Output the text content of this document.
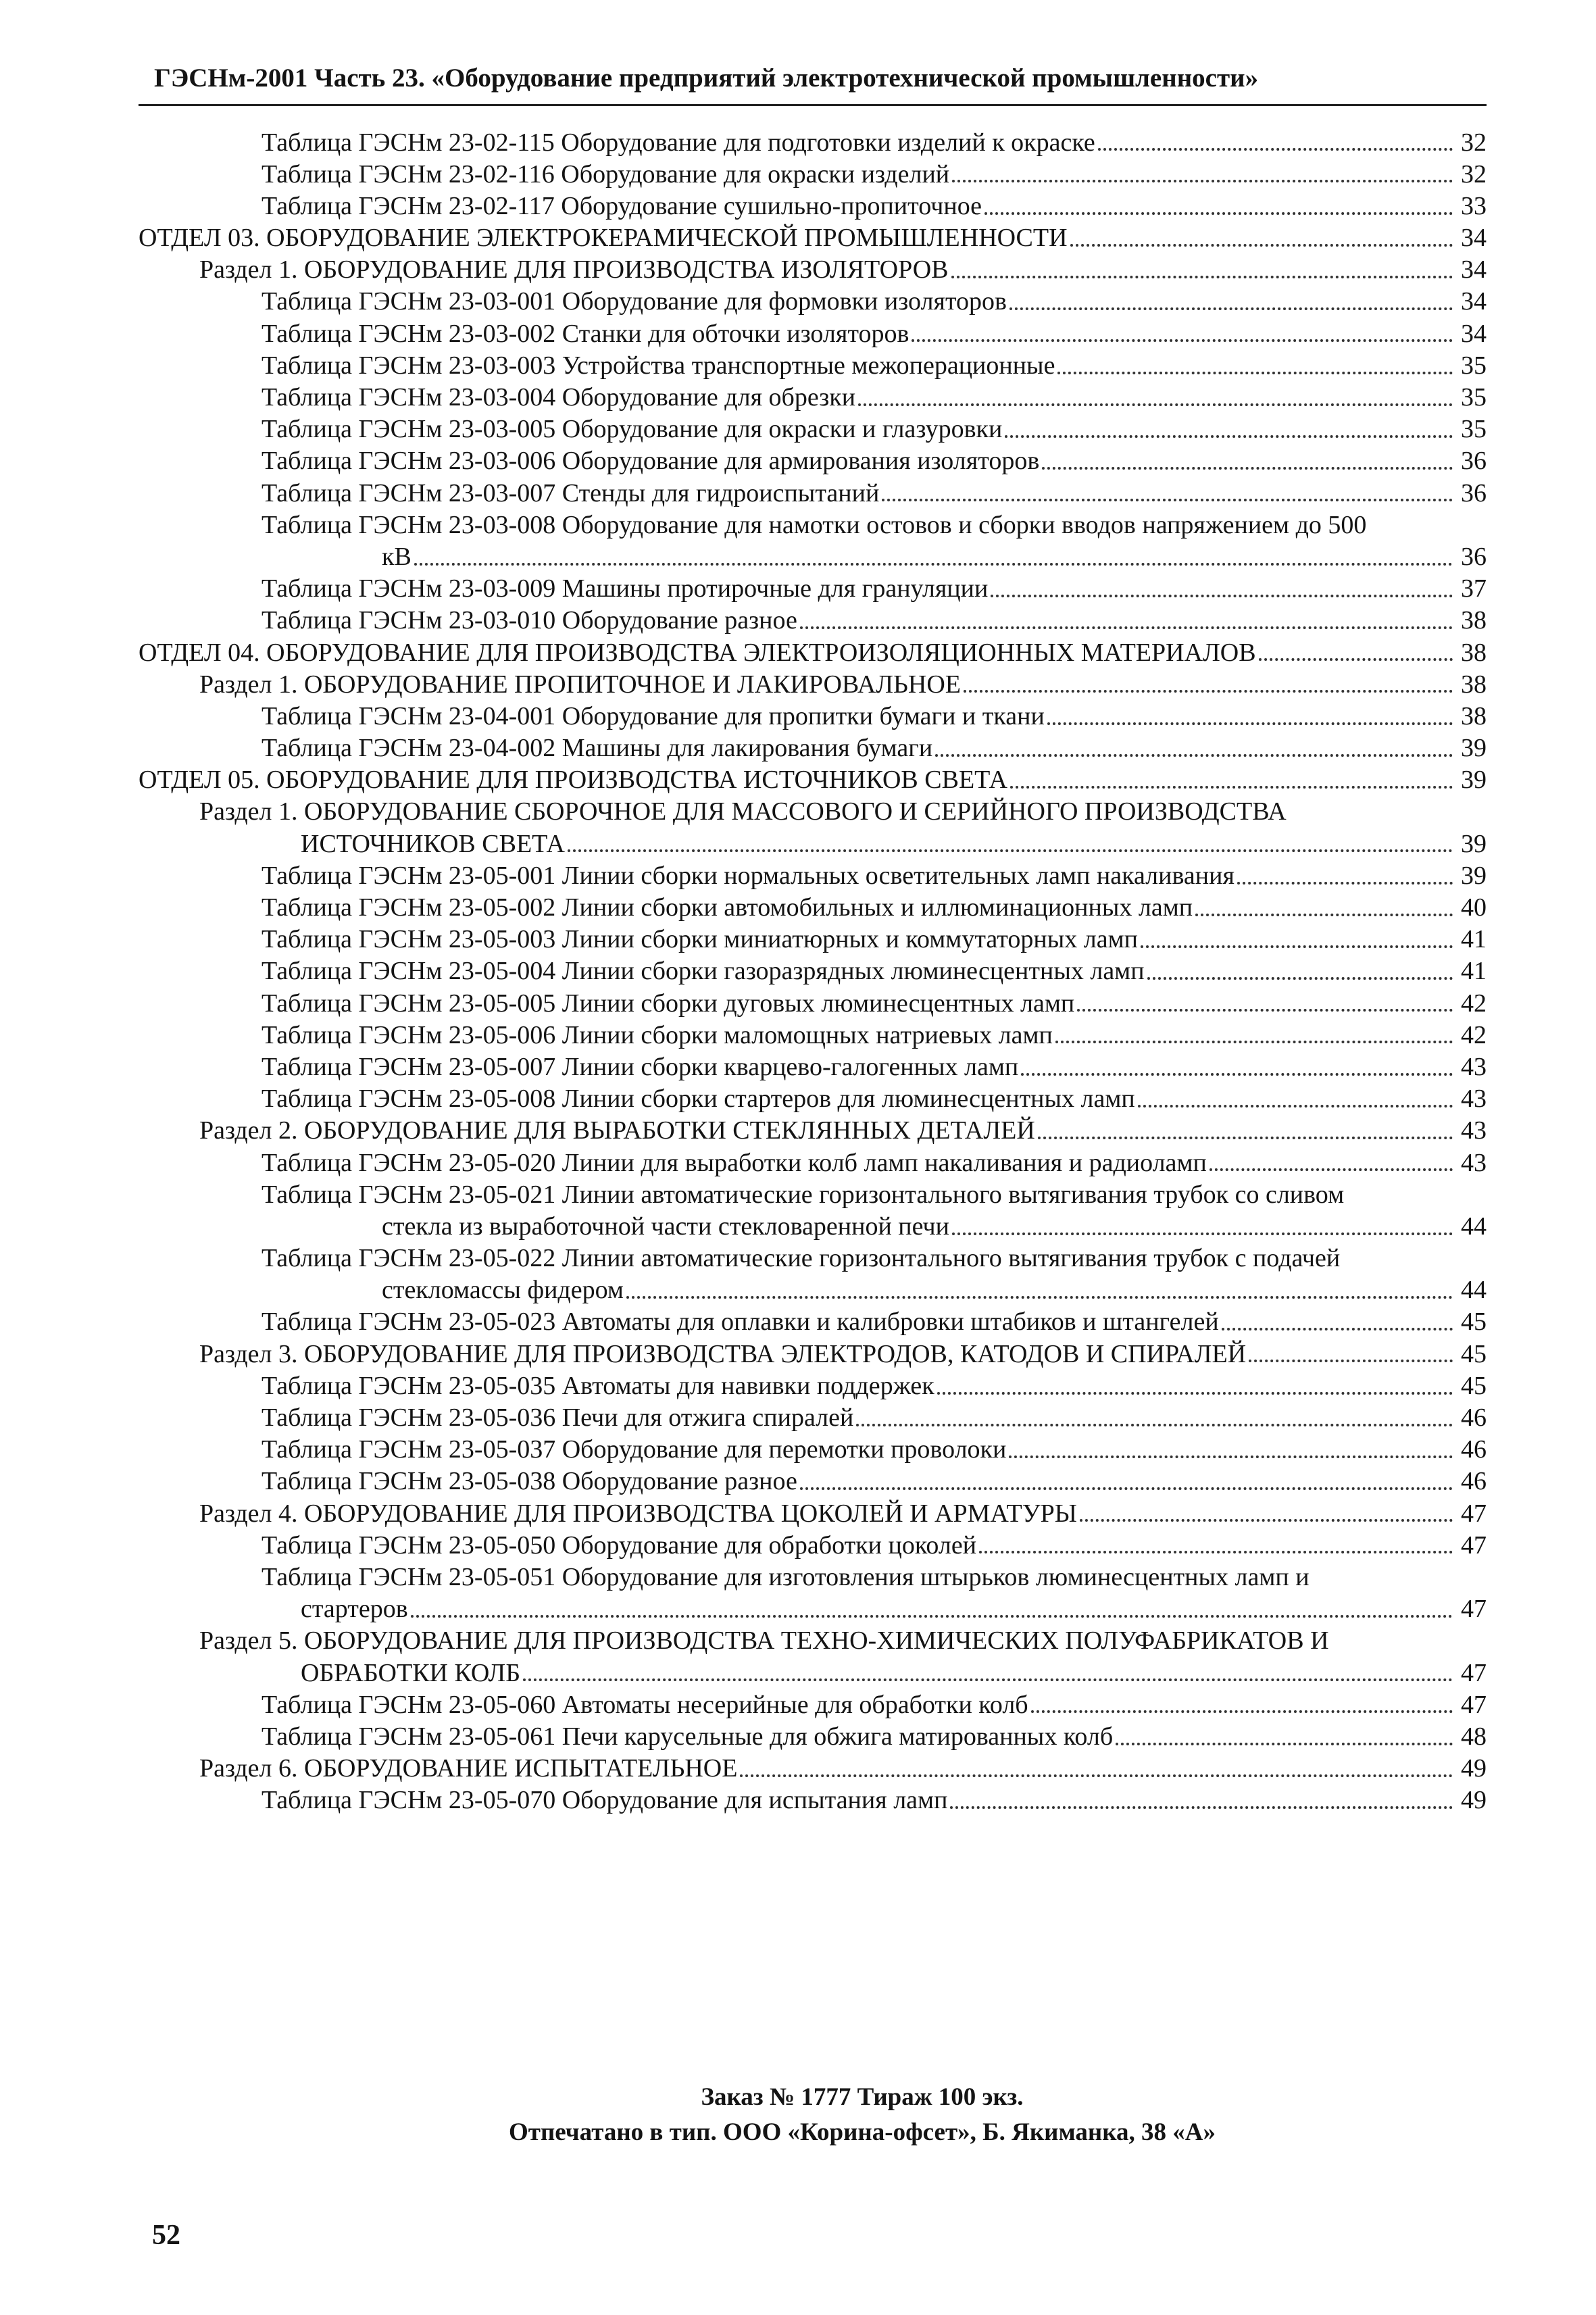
ГЭСНм-2001 Часть 23. «Оборудование предприятий электротехнической промышленности»
Таблица ГЭСНм 23-02-115 Оборудование для подготовки изделий к окраске	32
Таблица ГЭСНм 23-02-116 Оборудование для окраски изделий	32
Таблица ГЭСНм 23-02-117 Оборудование сушильно-пропиточное	33
ОТДЕЛ 03. ОБОРУДОВАНИЕ ЭЛЕКТРОКЕРАМИЧЕСКОЙ ПРОМЫШЛЕННОСТИ	34
Раздел 1. ОБОРУДОВАНИЕ ДЛЯ ПРОИЗВОДСТВА ИЗОЛЯТОРОВ	34
Таблица ГЭСНм 23-03-001 Оборудование для формовки изоляторов	34
Таблица ГЭСНм 23-03-002 Станки для обточки изоляторов	34
Таблица ГЭСНм 23-03-003 Устройства транспортные межоперационные	35
Таблица ГЭСНм 23-03-004 Оборудование для обрезки	35
Таблица ГЭСНм 23-03-005 Оборудование для окраски и глазуровки	35
Таблица ГЭСНм 23-03-006 Оборудование для армирования изоляторов	36
Таблица ГЭСНм 23-03-007 Стенды для гидроиспытаний	36
Таблица ГЭСНм 23-03-008 Оборудование для намотки остовов и сборки вводов напряжением до 500
кВ	36
Таблица ГЭСНм 23-03-009 Машины протирочные для грануляции	37
Таблица ГЭСНм 23-03-010 Оборудование разное	38
ОТДЕЛ 04. ОБОРУДОВАНИЕ ДЛЯ ПРОИЗВОДСТВА ЭЛЕКТРОИЗОЛЯЦИОННЫХ МАТЕРИАЛОВ	38
Раздел 1. ОБОРУДОВАНИЕ ПРОПИТОЧНОЕ И ЛАКИРОВАЛЬНОЕ	38
Таблица ГЭСНм 23-04-001 Оборудование для пропитки бумаги и ткани	38
Таблица ГЭСНм 23-04-002 Машины для лакирования бумаги	39
ОТДЕЛ 05. ОБОРУДОВАНИЕ ДЛЯ ПРОИЗВОДСТВА ИСТОЧНИКОВ СВЕТА	39
Раздел 1. ОБОРУДОВАНИЕ СБОРОЧНОЕ ДЛЯ МАССОВОГО И СЕРИЙНОГО ПРОИЗВОДСТВА
ИСТОЧНИКОВ СВЕТА	39
Таблица ГЭСНм 23-05-001 Линии сборки нормальных осветительных ламп накаливания	39
Таблица ГЭСНм 23-05-002 Линии сборки автомобильных и иллюминационных ламп	40
Таблица ГЭСНм 23-05-003 Линии сборки миниатюрных и коммутаторных ламп	41
Таблица ГЭСНм 23-05-004 Линии сборки газоразрядных люминесцентных ламп	41
Таблица ГЭСНм 23-05-005 Линии сборки дуговых люминесцентных ламп	42
Таблица ГЭСНм 23-05-006 Линии сборки маломощных натриевых ламп	42
Таблица ГЭСНм 23-05-007 Линии сборки кварцево-галогенных ламп	43
Таблица ГЭСНм 23-05-008 Линии сборки стартеров для люминесцентных ламп	43
Раздел 2. ОБОРУДОВАНИЕ ДЛЯ ВЫРАБОТКИ СТЕКЛЯННЫХ ДЕТАЛЕЙ	43
Таблица ГЭСНм 23-05-020 Линии для выработки колб ламп накаливания и радиоламп	43
Таблица ГЭСНм 23-05-021 Линии автоматические горизонтального вытягивания трубок со сливом
стекла из выработочной части стекловаренной печи	44
Таблица ГЭСНм 23-05-022 Линии автоматические горизонтального вытягивания трубок с подачей
стекломассы фидером	44
Таблица ГЭСНм 23-05-023 Автоматы для оплавки и калибровки штабиков и штангелей	45
Раздел 3. ОБОРУДОВАНИЕ ДЛЯ ПРОИЗВОДСТВА ЭЛЕКТРОДОВ, КАТОДОВ И СПИРАЛЕЙ	45
Таблица ГЭСНм 23-05-035 Автоматы для навивки поддержек	45
Таблица ГЭСНм 23-05-036 Печи для отжига спиралей	46
Таблица ГЭСНм 23-05-037 Оборудование для перемотки проволоки	46
Таблица ГЭСНм 23-05-038 Оборудование разное	46
Раздел 4. ОБОРУДОВАНИЕ ДЛЯ ПРОИЗВОДСТВА ЦОКОЛЕЙ И АРМАТУРЫ	47
Таблица ГЭСНм 23-05-050 Оборудование для обработки цоколей	47
Таблица ГЭСНм 23-05-051 Оборудование для изготовления штырьков люминесцентных ламп и
стартеров	47
Раздел 5. ОБОРУДОВАНИЕ ДЛЯ ПРОИЗВОДСТВА ТЕХНО-ХИМИЧЕСКИХ ПОЛУФАБРИКАТОВ И
ОБРАБОТКИ КОЛБ	47
Таблица ГЭСНм 23-05-060 Автоматы несерийные для обработки колб	47
Таблица ГЭСНм 23-05-061 Печи карусельные для обжига матированных колб	48
Раздел 6. ОБОРУДОВАНИЕ ИСПЫТАТЕЛЬНОЕ	49
Таблица ГЭСНм 23-05-070 Оборудование для испытания ламп	49
Заказ № 1777 Тираж 100 экз.
Отпечатано в тип. ООО «Корина-офсет», Б. Якиманка, 38 «А»
52
